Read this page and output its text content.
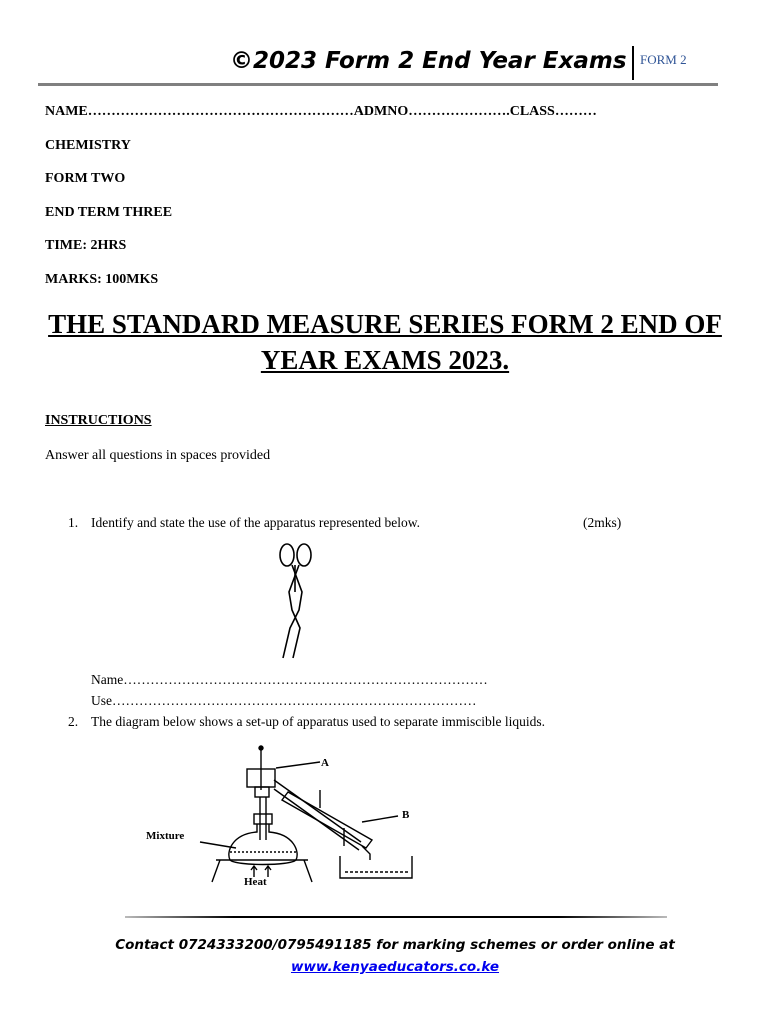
©2023 Form 2 End Year Exams FORM 2
NAME…………………………………………………ADMNO………………….CLASS………
CHEMISTRY
FORM TWO
END TERM THREE
TIME: 2HRS
MARKS: 100MKS
THE STANDARD MEASURE SERIES FORM 2 END OF YEAR EXAMS 2023.
INSTRUCTIONS
Answer all questions in spaces provided
1. Identify and state the use of the apparatus represented below.	(2mks)
Name………………………………………………………………………
Use………………………………………………………………………
2. The diagram below shows a set-up of apparatus used to separate immiscible liquids.
A
B
Mixture
Heat
Contact 0724333200/0795491185 for marking schemes or order online at
www.kenyaeducators.co.ke
